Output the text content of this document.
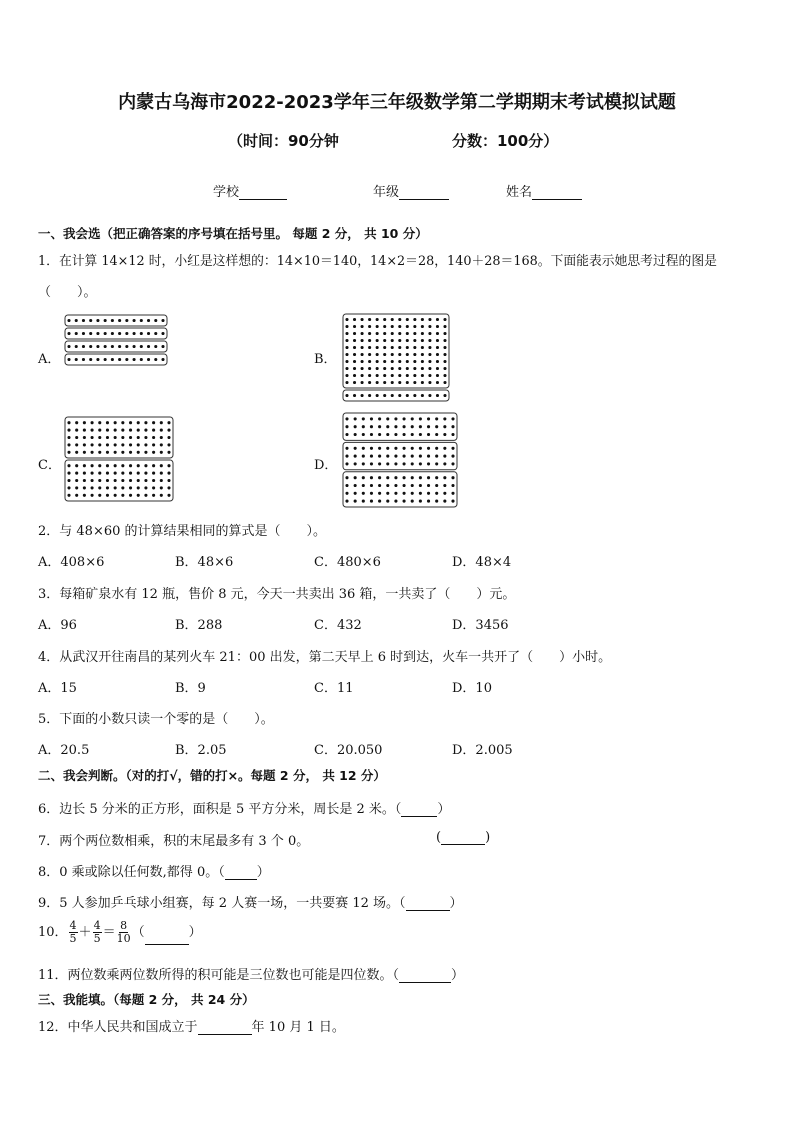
内蒙古乌海市2022-2023学年三年级数学第二学期期末考试模拟试题
（时间：90分钟	分数：100分）
学校	年级	姓名
一、我会选（把正确答案的序号填在括号里。 每题 2 分， 共 10 分）
1．在计算 14×12 时，小红是这样想的：14×10＝140，14×2＝28，140＋28＝168。下面能表示她思考过程的图是
（　　）。
A．	B．
C．	D．
2．与 48×60 的计算结果相同的算式是（　　）。
A．408×6	B．48×6	C．480×6	D．48×4
3．每箱矿泉水有 12 瓶，售价 8 元，今天一共卖出 36 箱，一共卖了（　　）元。
A．96	B．288	C．432	D．3456
4．从武汉开往南昌的某列火车 21：00 出发，第二天早上 6 时到达，火车一共开了（　　）小时。
A．15	B．9	C．11	D．10
5．下面的小数只读一个零的是（　　）。
A．20.5	B．2.05	C．20.050	D．2.005
二、我会判断。（对的打√，错的打×。每题 2 分， 共 12 分）
6．边长 5 分米的正方形，面积是 5 平方分米，周长是 2 米。（	）
7．两个两位数相乘，积的末尾最多有 3 个 0。	(	)
8．0 乘或除以任何数,都得 0。（ ）
9．5 人参加乒乓球小组赛，每 2 人赛一场，一共要赛 12 场。（	）
10． $\frac{4}{5} + \frac{4}{5} = \frac{8}{10}$ （	）
11．两位数乘两位数所得的积可能是三位数也可能是四位数。（	）
三、我能填。（每题 2 分， 共 24 分）
12．中华人民共和国成立于	年 10 月 1 日。
